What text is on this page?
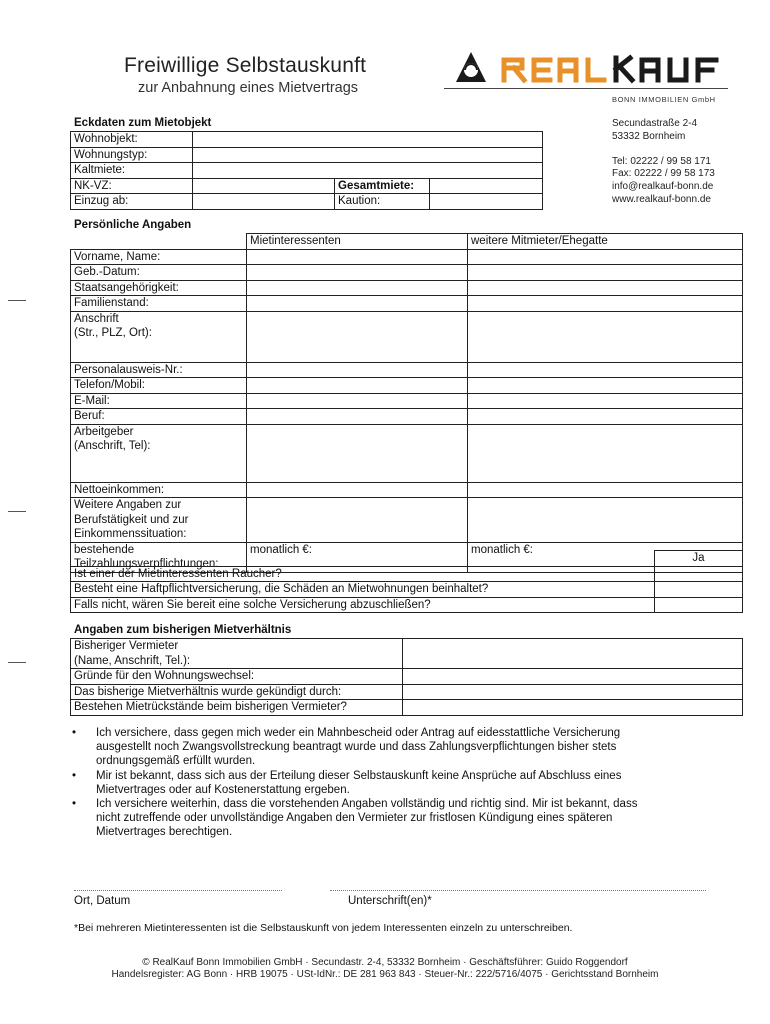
Freiwillige Selbstauskunft
zur Anbahnung eines Mietvertrags
BONN IMMOBILIEN GmbH
Secundastraße 2-4
53332 Bornheim
Tel: 02222 / 99 58 171
Fax: 02222 / 99 58 173
info@realkauf-bonn.de
www.realkauf-bonn.de
Eckdaten zum Mietobjekt
Wohnobjekt:			
Wohnungstyp:			
Kaltmiete:			
NK-VZ:		Gesamtmiete:	
Einzug ab:		Kaution:	
Persönliche Angaben
	Mietinteressenten	weitere Mitmieter/Ehegatte
Vorname, Name:		
Geb.-Datum:		
Staatsangehörigkeit:		
Familienstand:		

Anschrift
(Str., PLZ, Ort):		

Personalausweis-Nr.:		
Telefon/Mobil:		
E-Mail:		
Beruf:		

Arbeitgeber
(Anschrift, Tel):		

Nettoeinkommen:		

Weitere Angaben zur
Berufstätigkeit und zur
Einkommenssituation:		

bestehende
Teilzahlungsverpflichtungen:	monatlich €:	monatlich €:
	Ja
Ist einer der Mietinteressenten Raucher?	
Besteht eine Haftpflichtversicherung, die Schäden an Mietwohnungen beinhaltet?	
Falls nicht, wären Sie bereit eine solche Versicherung abzuschließen?	
Angaben zum bisherigen Mietverhältnis
Bisheriger Vermieter
(Name, Anschrift, Tel.):	

Gründe für den Wohnungswechsel:	
Das bisherige Mietverhältnis wurde gekündigt durch:	
Bestehen Mietrückstände beim bisherigen Vermieter?	
• Ich versichere, dass gegen mich weder ein Mahnbescheid oder Antrag auf eidesstattliche Versicherung
ausgestellt noch Zwangsvollstreckung beantragt wurde und dass Zahlungsverpflichtungen bisher stets
ordnungsgemäß erfüllt wurden.
• Mir ist bekannt, dass sich aus der Erteilung dieser Selbstauskunft keine Ansprüche auf Abschluss eines
Mietvertrages oder auf Kostenerstattung ergeben.
• Ich versichere weiterhin, dass die vorstehenden Angaben vollständig und richtig sind. Mir ist bekannt, dass
nicht zutreffende oder unvollständige Angaben den Vermieter zur fristlosen Kündigung eines späteren
Mietvertrages berechtigen.
Ort, Datum	Unterschrift(en)*
*Bei mehreren Mietinteressenten ist die Selbstauskunft von jedem Interessenten einzeln zu unterschreiben.
© RealKauf Bonn Immobilien GmbH · Secundastr. 2-4, 53332 Bornheim · Geschäftsführer: Guido Roggendorf
Handelsregister: AG Bonn · HRB 19075 · USt-IdNr.: DE 281 963 843 · Steuer-Nr.: 222/5716/4075 · Gerichtsstand Bornheim
